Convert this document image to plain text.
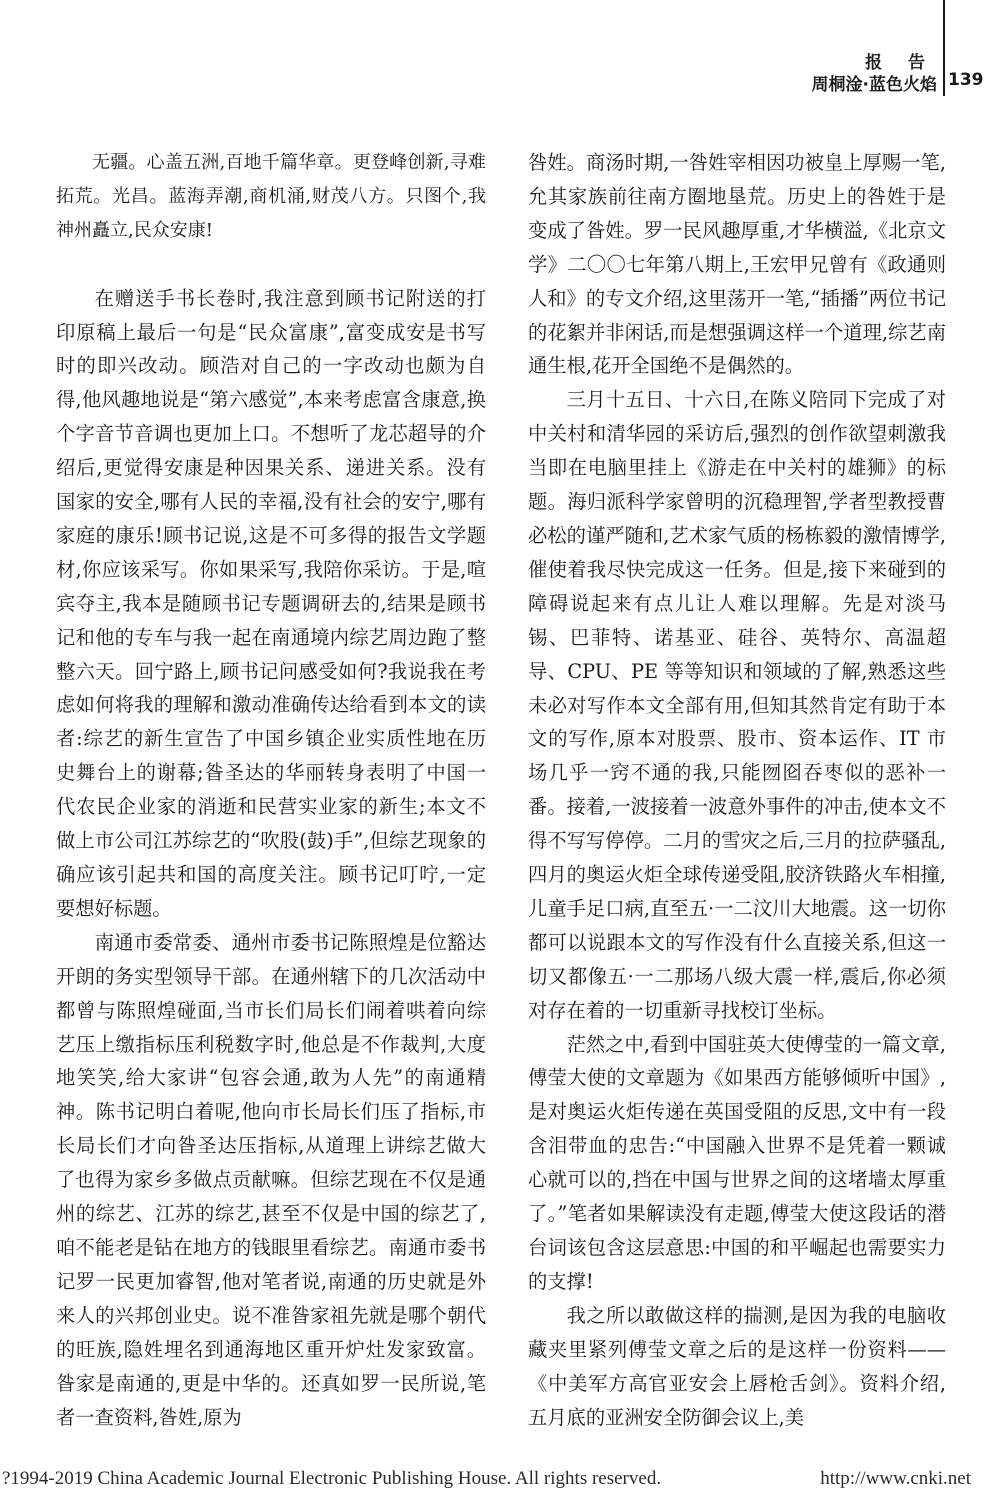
报 告
周桐淦·蓝色火焰 139

无疆。心盖五洲,百地千篇华章。更登峰创新,寻难拓荒。光昌。蓝海弄潮,商机涌,财茂八方。只图个,我神州矗立,民众安康!

在赠送手书长卷时,我注意到顾书记附送的打印原稿上最后一句是“民众富康”,富变成安是书写时的即兴改动。顾浩对自己的一字改动也颇为自得,他风趣地说是“第六感觉”,本来考虑富含康意,换个字音节音调也更加上口。不想听了龙芯超导的介绍后,更觉得安康是种因果关系、递进关系。没有国家的安全,哪有人民的幸福,没有社会的安宁,哪有家庭的康乐!顾书记说,这是不可多得的报告文学题材,你应该采写。你如果采写,我陪你采访。于是,喧宾夺主,我本是随顾书记专题调研去的,结果是顾书记和他的专车与我一起在南通境内综艺周边跑了整整六天。回宁路上,顾书记问感受如何?我说我在考虑如何将我的理解和激动准确传达给看到本文的读者:综艺的新生宣告了中国乡镇企业实质性地在历史舞台上的谢幕;昝圣达的华丽转身表明了中国一代农民企业家的消逝和民营实业家的新生;本文不做上市公司江苏综艺的“吹股(鼓)手”,但综艺现象的确应该引起共和国的高度关注。顾书记叮咛,一定要想好标题。

南通市委常委、通州市委书记陈照煌是位豁达开朗的务实型领导干部。在通州辖下的几次活动中都曾与陈照煌碰面,当市长们局长们闹着哄着向综艺压上缴指标压利税数字时,他总是不作裁判,大度地笑笑,给大家讲“包容会通,敢为人先”的南通精神。陈书记明白着呢,他向市长局长们压了指标,市长局长们才向昝圣达压指标,从道理上讲综艺做大了也得为家乡多做点贡献嘛。但综艺现在不仅是通州的综艺、江苏的综艺,甚至不仅是中国的综艺了,咱不能老是钻在地方的钱眼里看综艺。南通市委书记罗一民更加睿智,他对笔者说,南通的历史就是外来人的兴邦创业史。说不准昝家祖先就是哪个朝代的旺族,隐姓埋名到通海地区重开炉灶发家致富。昝家是南通的,更是中华的。还真如罗一民所说,笔者一查资料,昝姓,原为

咎姓。商汤时期,一咎姓宰相因功被皇上厚赐一笔,允其家族前往南方圈地垦荒。历史上的咎姓于是变成了昝姓。罗一民风趣厚重,才华横溢,《北京文学》二〇〇七年第八期上,王宏甲兄曾有《政通则人和》的专文介绍,这里荡开一笔,“插播”两位书记的花絮并非闲话,而是想强调这样一个道理,综艺南通生根,花开全国绝不是偶然的。

三月十五日、十六日,在陈义陪同下完成了对中关村和清华园的采访后,强烈的创作欲望刺激我当即在电脑里挂上《游走在中关村的雄狮》的标题。海归派科学家曾明的沉稳理智,学者型教授曹必松的谨严随和,艺术家气质的杨栋毅的激情博学,催使着我尽快完成这一任务。但是,接下来碰到的障碍说起来有点儿让人难以理解。先是对淡马锡、巴菲特、诺基亚、硅谷、英特尔、高温超导、CPU、PE 等等知识和领域的了解,熟悉这些未必对写作本文全部有用,但知其然肯定有助于本文的写作,原本对股票、股市、资本运作、IT 市场几乎一窍不通的我,只能囫囵吞枣似的恶补一番。接着,一波接着一波意外事件的冲击,使本文不得不写写停停。二月的雪灾之后,三月的拉萨骚乱,四月的奥运火炬全球传递受阻,胶济铁路火车相撞,儿童手足口病,直至五·一二汶川大地震。这一切你都可以说跟本文的写作没有什么直接关系,但这一切又都像五·一二那场八级大震一样,震后,你必须对存在着的一切重新寻找校订坐标。

茫然之中,看到中国驻英大使傅莹的一篇文章,傅莹大使的文章题为《如果西方能够倾听中国》,是对奥运火炬传递在英国受阻的反思,文中有一段含泪带血的忠告:“中国融入世界不是凭着一颗诚心就可以的,挡在中国与世界之间的这堵墙太厚重了。”笔者如果解读没有走题,傅莹大使这段话的潜台词该包含这层意思:中国的和平崛起也需要实力的支撑!

我之所以敢做这样的揣测,是因为我的电脑收藏夹里紧列傅莹文章之后的是这样一份资料——《中美军方高官亚安会上唇枪舌剑》。资料介绍,五月底的亚洲安全防御会议上,美

?1994-2019 China Academic Journal Electronic Publishing House. All rights reserved.	http://www.cnki.net
